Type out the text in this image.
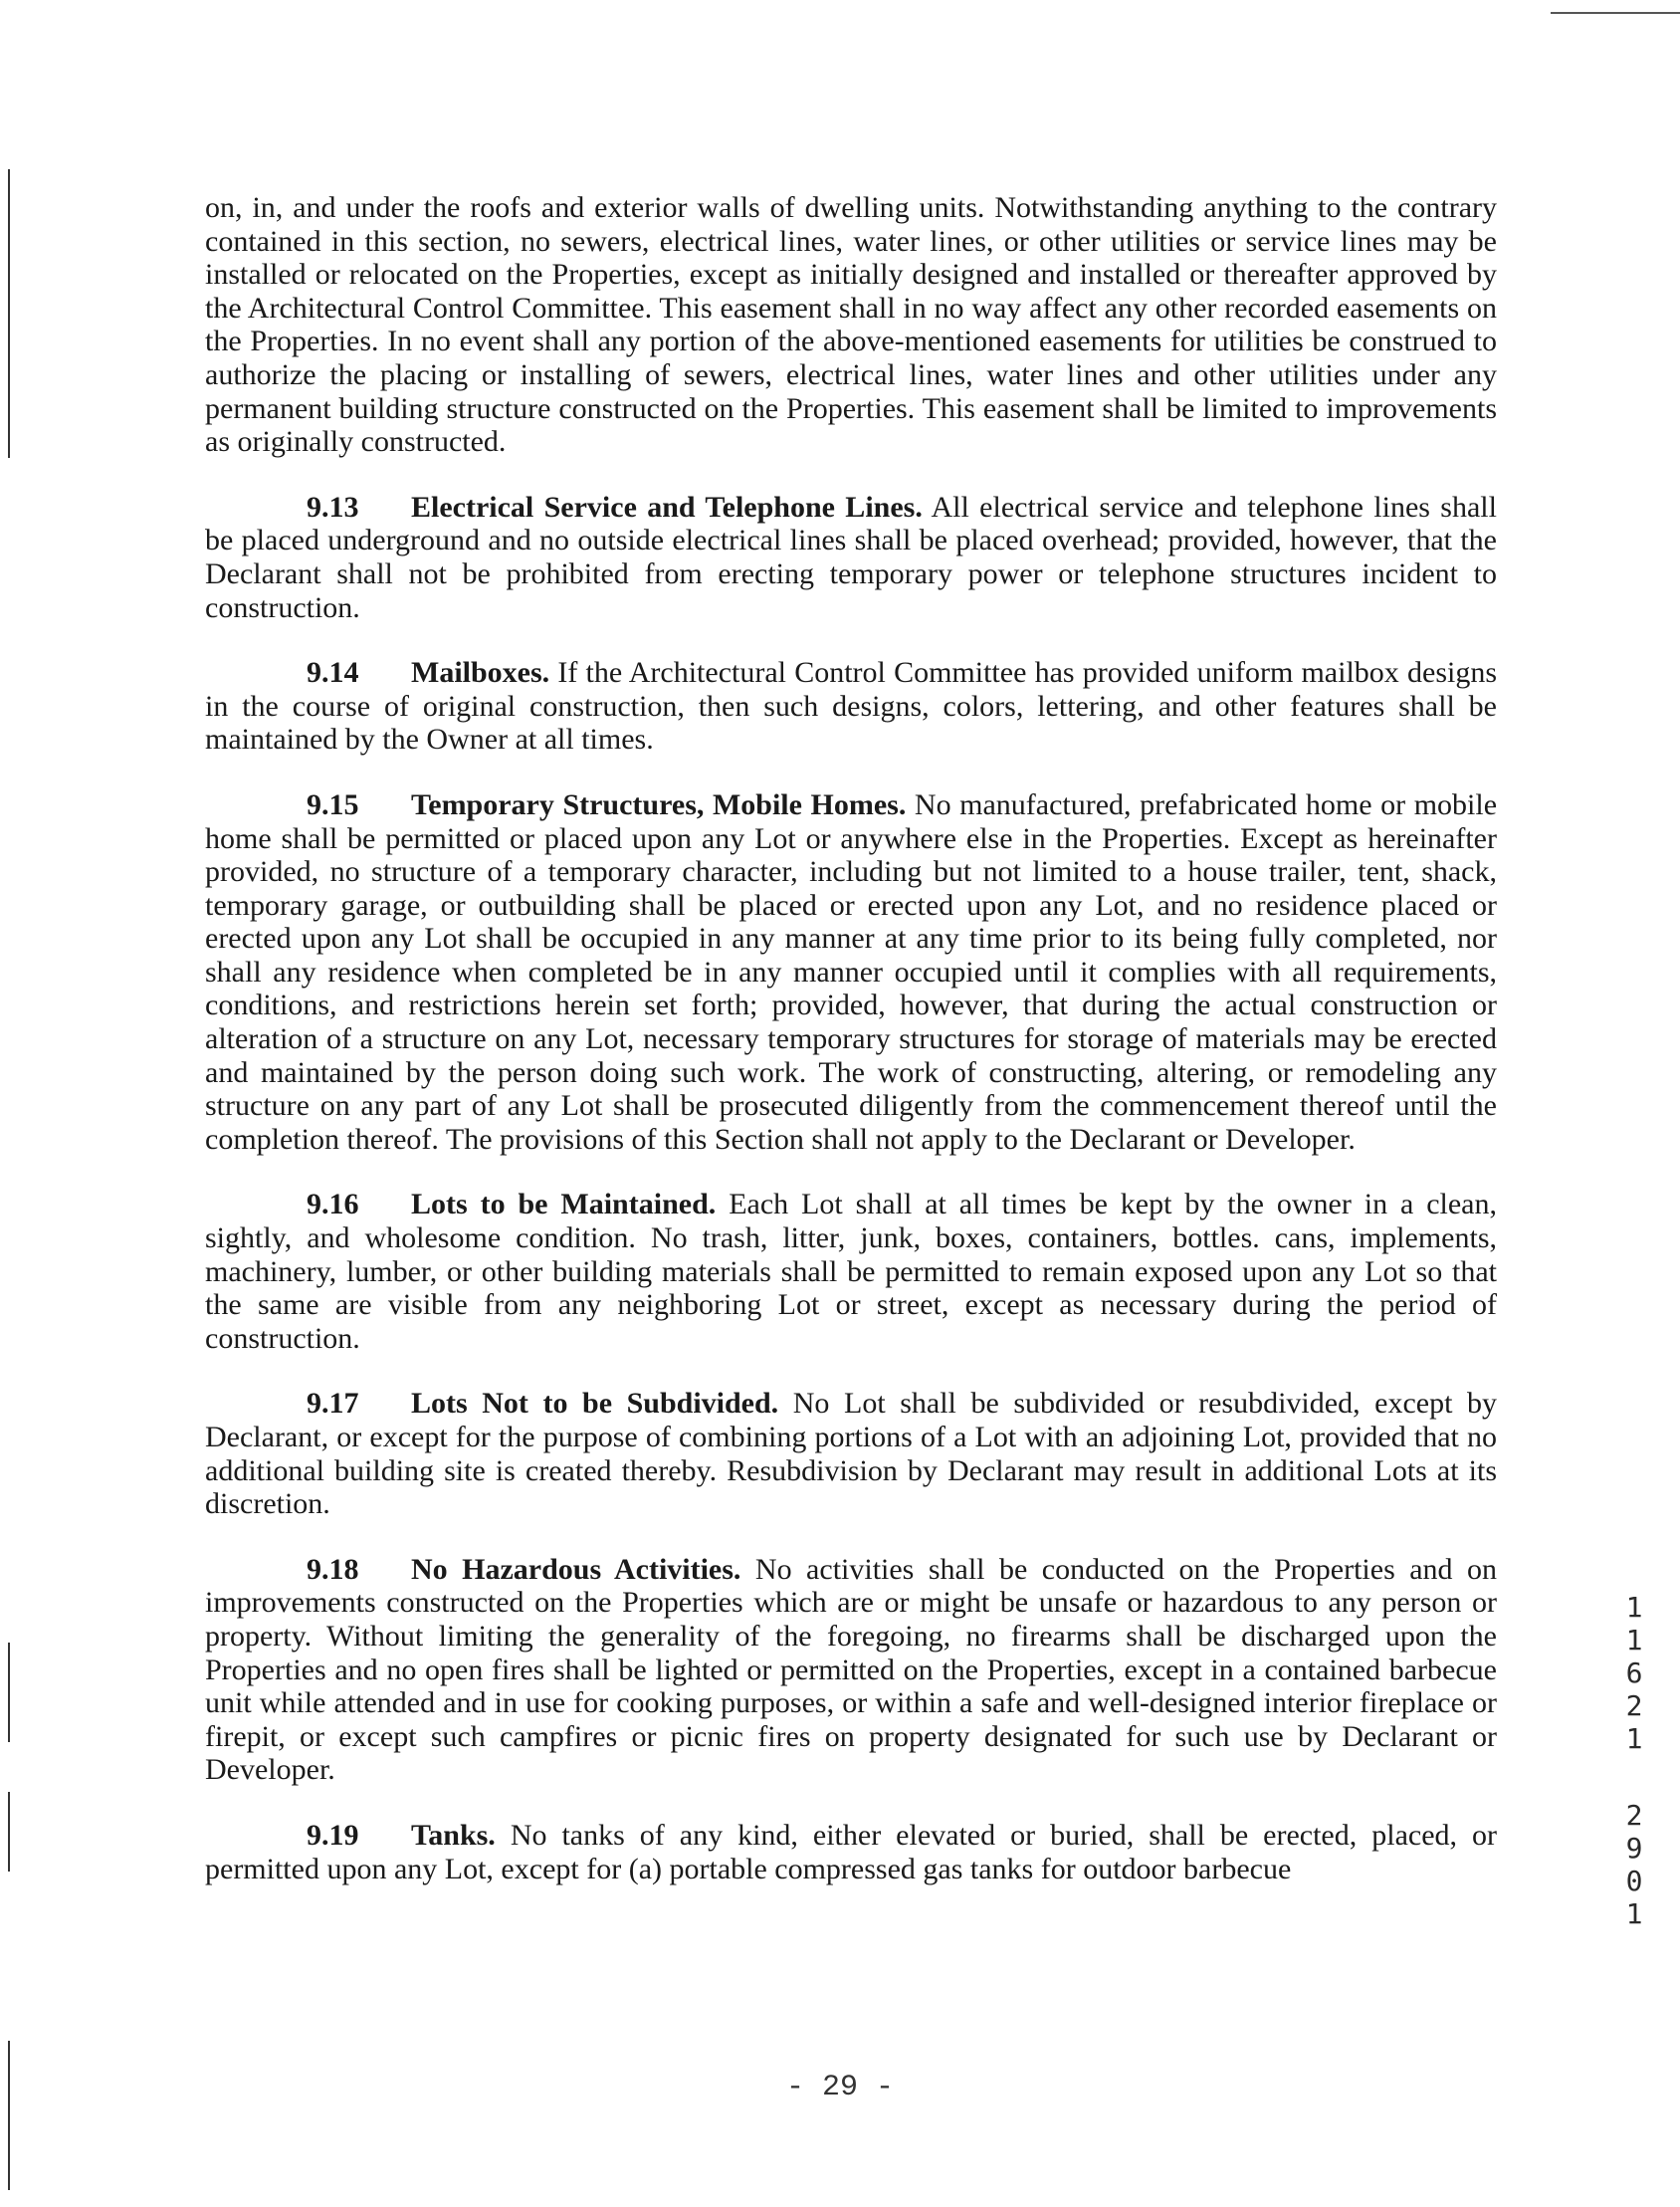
on, in, and under the roofs and exterior walls of dwelling units. Notwithstanding anything to the contrary contained in this section, no sewers, electrical lines, water lines, or other utilities or service lines may be installed or relocated on the Properties, except as initially designed and installed or thereafter approved by the Architectural Control Committee. This easement shall in no way affect any other recorded easements on the Properties. In no event shall any portion of the above-mentioned easements for utilities be construed to authorize the placing or installing of sewers, electrical lines, water lines and other utilities under any permanent building structure constructed on the Properties. This easement shall be limited to improvements as originally constructed.

9.13 Electrical Service and Telephone Lines. All electrical service and telephone lines shall be placed underground and no outside electrical lines shall be placed overhead; provided, however, that the Declarant shall not be prohibited from erecting temporary power or telephone structures incident to construction.

9.14 Mailboxes. If the Architectural Control Committee has provided uniform mailbox designs in the course of original construction, then such designs, colors, lettering, and other features shall be maintained by the Owner at all times.

9.15 Temporary Structures, Mobile Homes. No manufactured, prefabricated home or mobile home shall be permitted or placed upon any Lot or anywhere else in the Properties. Except as hereinafter provided, no structure of a temporary character, including but not limited to a house trailer, tent, shack, temporary garage, or outbuilding shall be placed or erected upon any Lot, and no residence placed or erected upon any Lot shall be occupied in any manner at any time prior to its being fully completed, nor shall any residence when completed be in any manner occupied until it complies with all requirements, conditions, and restrictions herein set forth; provided, however, that during the actual construction or alteration of a structure on any Lot, necessary temporary structures for storage of materials may be erected and maintained by the person doing such work. The work of constructing, altering, or remodeling any structure on any part of any Lot shall be prosecuted diligently from the commencement thereof until the completion thereof. The provisions of this Section shall not apply to the Declarant or Developer.

9.16 Lots to be Maintained. Each Lot shall at all times be kept by the owner in a clean, sightly, and wholesome condition. No trash, litter, junk, boxes, containers, bottles. cans, implements, machinery, lumber, or other building materials shall be permitted to remain exposed upon any Lot so that the same are visible from any neighboring Lot or street, except as necessary during the period of construction.

9.17 Lots Not to be Subdivided. No Lot shall be subdivided or resubdivided, except by Declarant, or except for the purpose of combining portions of a Lot with an adjoining Lot, provided that no additional building site is created thereby. Resubdivision by Declarant may result in additional Lots at its discretion.

9.18 No Hazardous Activities. No activities shall be conducted on the Properties and on improvements constructed on the Properties which are or might be unsafe or hazardous to any person or property. Without limiting the generality of the foregoing, no firearms shall be discharged upon the Properties and no open fires shall be lighted or permitted on the Properties, except in a contained barbecue unit while attended and in use for cooking purposes, or within a safe and well-designed interior fireplace or firepit, or except such campfires or picnic fires on property designated for such use by Declarant or Developer.

9.19 Tanks. No tanks of any kind, either elevated or buried, shall be erected, placed, or permitted upon any Lot, except for (a) portable compressed gas tanks for outdoor barbecue

1
1
6
2
1
2
9
0
1
- 29 -
